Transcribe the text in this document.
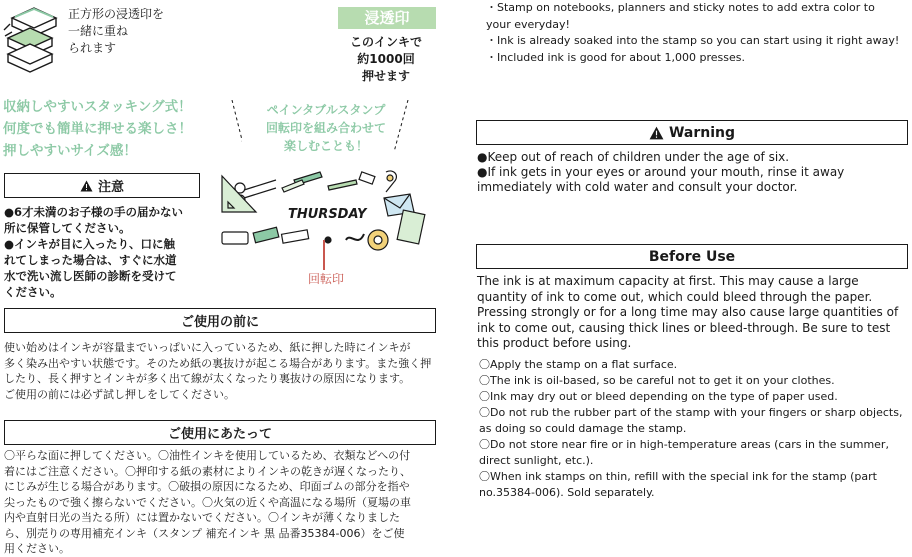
正方形の浸透印を
一緒に重ね
られます
浸透印
このインキで
約1000回
押せます
収納しやすいスタッキング式！
何度でも簡単に押せる楽しさ！
押しやすいサイズ感！
ペインタブルスタンプ
回転印を組み合わせて
楽しむことも！
THURSDAY
回転印
注意
●6才未満のお子様の手の届かない
所に保管してください。
●インキが目に入ったり、口に触
れてしまった場合は、すぐに水道
水で洗い流し医師の診断を受けて
ください。
ご使用の前に
使い始めはインキが容量までいっぱいに入っているため、紙に押した時にインキが
多く染み出やすい状態です。そのため紙の裏抜けが起こる場合があります。また強く押
したり、長く押すとインキが多く出て線が太くなったり裏抜けの原因になります。
ご使用の前には必ず試し押しをしてください。
ご使用にあたって
〇平らな面に押してください。〇油性インキを使用しているため、衣類などへの付
着にはご注意ください。〇押印する紙の素材によりインキの乾きが遅くなったり、
にじみが生じる場合があります。〇破損の原因になるため、印面ゴムの部分を指や
尖ったもので強く擦らないでください。〇火気の近くや高温になる場所（夏場の車
内や直射日光の当たる所）には置かないでください。〇インキが薄くなりました
ら、別売りの専用補充インキ（スタンプ 補充インキ 黒 品番35384-006）をご使
用ください。
・Stamp on notebooks, planners and sticky notes to add extra color to
your everyday!
・Ink is already soaked into the stamp so you can start using it right away!
・Included ink is good for about 1,000 presses.
Warning
●Keep out of reach of children under the age of six.
●If ink gets in your eyes or around your mouth, rinse it away
immediately with cold water and consult your doctor.
Before Use
The ink is at maximum capacity at first. This may cause a large
quantity of ink to come out, which could bleed through the paper.
Pressing strongly or for a long time may also cause large quantities of
ink to come out, causing thick lines or bleed-through. Be sure to test
this product before using.
〇Apply the stamp on a flat surface.
〇The ink is oil-based, so be careful not to get it on your clothes.
〇Ink may dry out or bleed depending on the type of paper used.
〇Do not rub the rubber part of the stamp with your fingers or sharp objects,
as doing so could damage the stamp.
〇Do not store near fire or in high-temperature areas (cars in the summer,
direct sunlight, etc.).
〇When ink stamps on thin, refill with the special ink for the stamp (part
no.35384-006). Sold separately.
